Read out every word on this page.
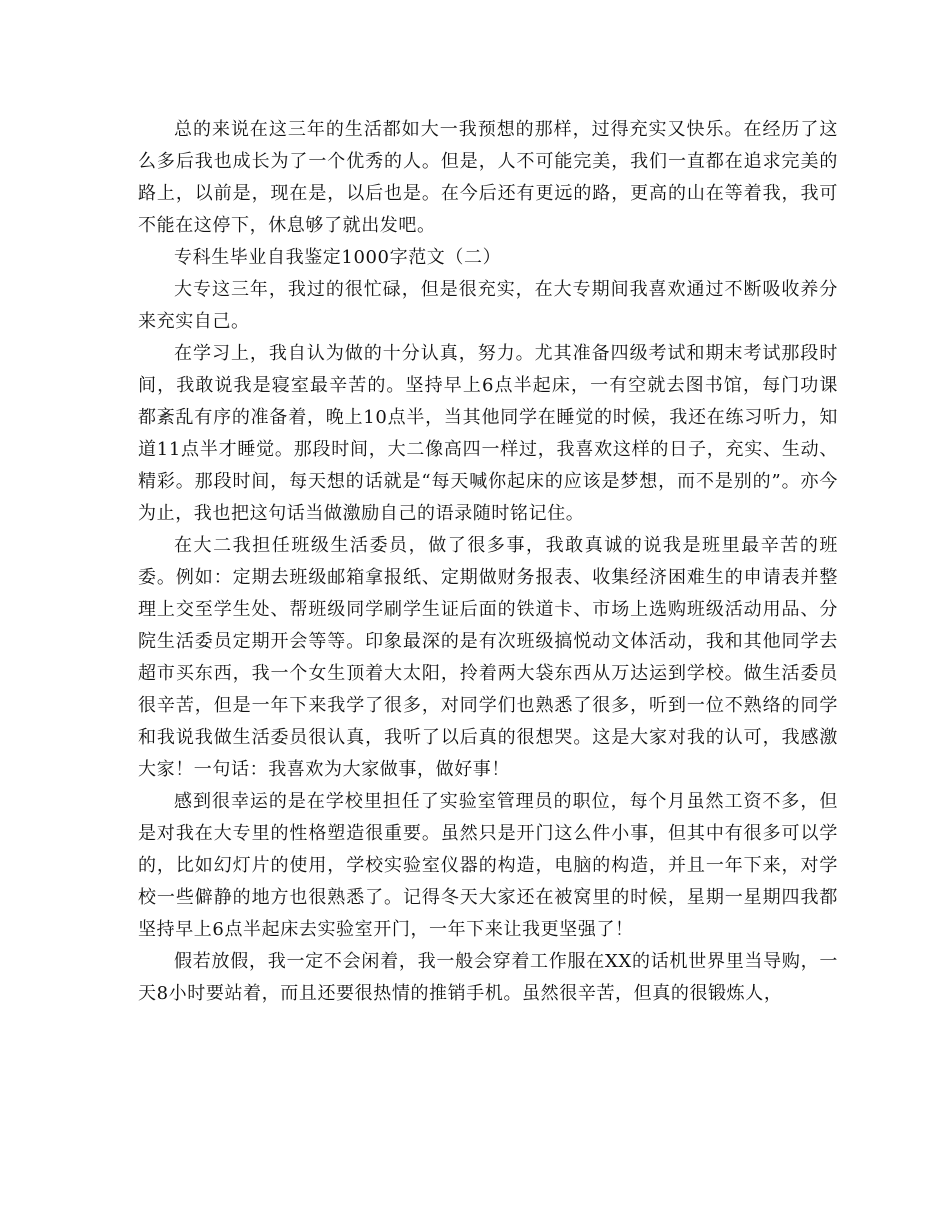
总的来说在这三年的生活都如大一我预想的那样，过得充实又快乐。在经历了这么多后我也成长为了一个优秀的人。但是，人不可能完美，我们一直都在追求完美的路上，以前是，现在是，以后也是。在今后还有更远的路，更高的山在等着我，我可不能在这停下，休息够了就出发吧。

专科生毕业自我鉴定1000字范文（二）

大专这三年，我过的很忙碌，但是很充实，在大专期间我喜欢通过不断吸收养分来充实自己。

在学习上，我自认为做的十分认真，努力。尤其准备四级考试和期末考试那段时间，我敢说我是寝室最辛苦的。坚持早上6点半起床，一有空就去图书馆，每门功课都紊乱有序的准备着，晚上10点半，当其他同学在睡觉的时候，我还在练习听力，知道11点半才睡觉。那段时间，大二像高四一样过，我喜欢这样的日子，充实、生动、精彩。那段时间，每天想的话就是“每天喊你起床的应该是梦想，而不是别的”。亦今为止，我也把这句话当做激励自己的语录随时铭记住。

在大二我担任班级生活委员，做了很多事，我敢真诚的说我是班里最辛苦的班委。例如：定期去班级邮箱拿报纸、定期做财务报表、收集经济困难生的申请表并整理上交至学生处、帮班级同学刷学生证后面的铁道卡、市场上选购班级活动用品、分院生活委员定期开会等等。印象最深的是有次班级搞悦动文体活动，我和其他同学去超市买东西，我一个女生顶着大太阳，拎着两大袋东西从万达运到学校。做生活委员很辛苦，但是一年下来我学了很多，对同学们也熟悉了很多，听到一位不熟络的同学和我说我做生活委员很认真，我听了以后真的很想哭。这是大家对我的认可，我感激大家！一句话：我喜欢为大家做事，做好事！

感到很幸运的是在学校里担任了实验室管理员的职位，每个月虽然工资不多，但是对我在大专里的性格塑造很重要。虽然只是开门这么件小事，但其中有很多可以学的，比如幻灯片的使用，学校实验室仪器的构造，电脑的构造，并且一年下来，对学校一些僻静的地方也很熟悉了。记得冬天大家还在被窝里的时候，星期一星期四我都坚持早上6点半起床去实验室开门，一年下来让我更坚强了！

假若放假，我一定不会闲着，我一般会穿着工作服在XX的话机世界里当导购，一天8小时要站着，而且还要很热情的推销手机。虽然很辛苦，但真的很锻炼人，
